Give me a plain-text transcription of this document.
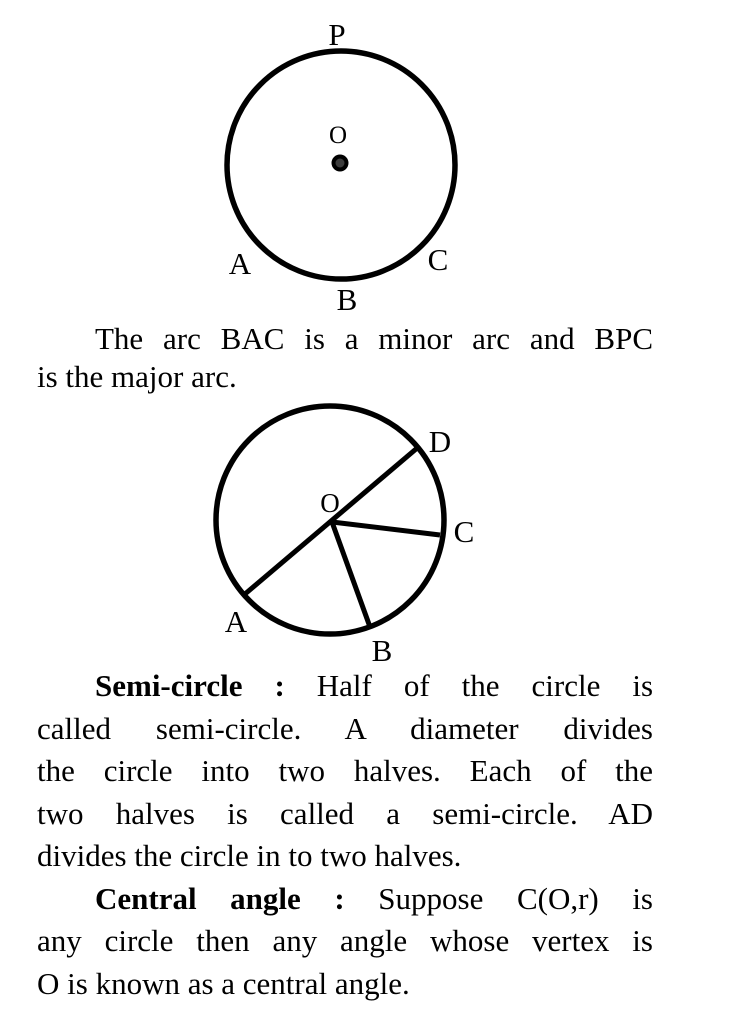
P
O
A
B
C
The arc BAC is a minor arc and BPC
is the major arc.
D
O
C
A
B
Semi-circle : Half of the circle is
called semi-circle. A diameter divides
the circle into two halves. Each of the
two halves is called a semi-circle. AD
divides the circle in to two halves.
Central angle : Suppose C(O,r) is
any circle then any angle whose vertex is
O is known as a central angle.
